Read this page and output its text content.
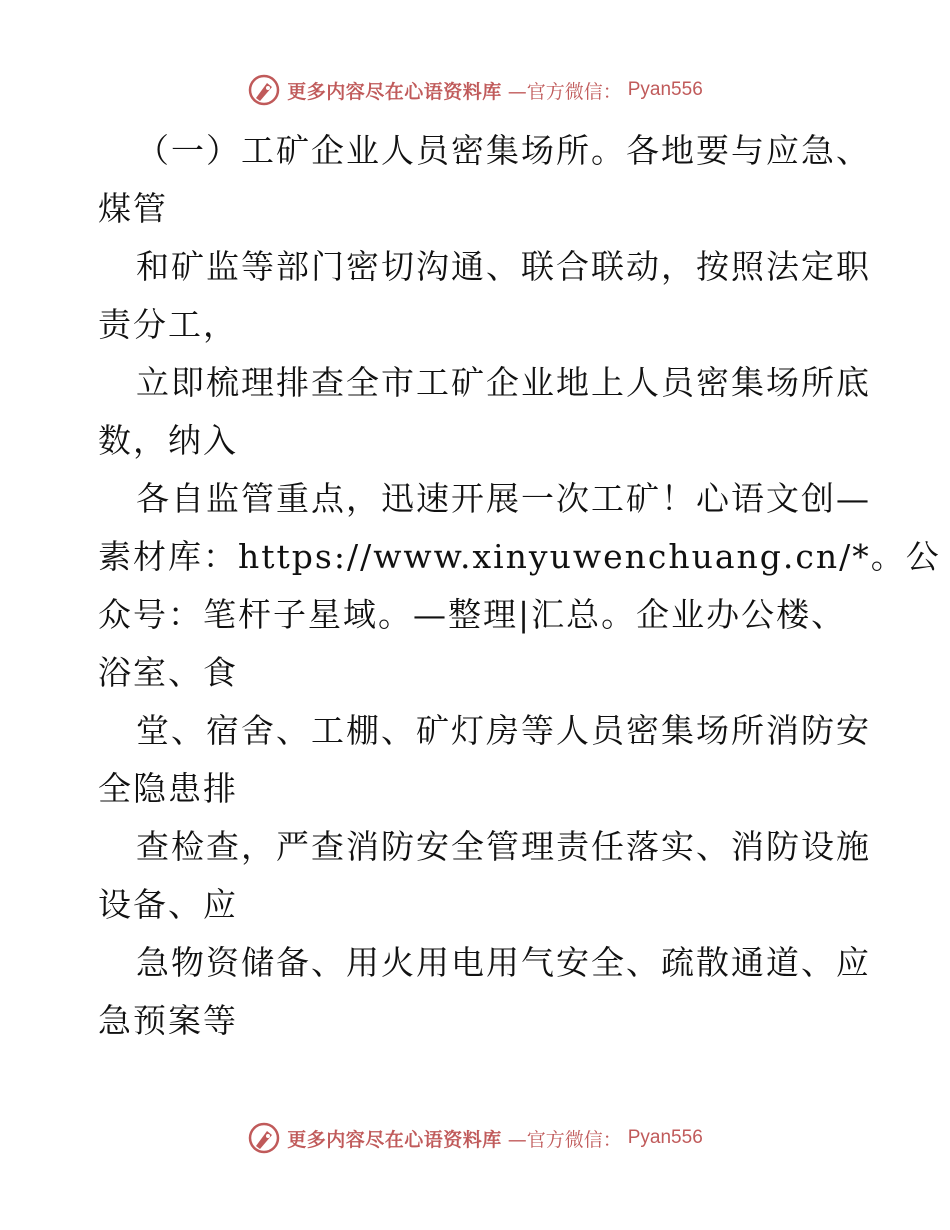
更多内容尽在心语资料库 —官方微信： Pyan556
（一）工矿企业人员密集场所。各地要与应急、
煤管
和矿监等部门密切沟通、联合联动，按照法定职
责分工，
立即梳理排查全市工矿企业地上人员密集场所底
数，纳入
各自监管重点，迅速开展一次工矿！心语文创—
素材库：https://www.xinyuwenchuang.cn/*。公
众号：笔杆子星域。—整理|汇总。企业办公楼、
浴室、食
堂、宿舍、工棚、矿灯房等人员密集场所消防安
全隐患排
查检查，严查消防安全管理责任落实、消防设施
设备、应
急物资储备、用火用电用气安全、疏散通道、应
急预案等
更多内容尽在心语资料库 —官方微信： Pyan556
